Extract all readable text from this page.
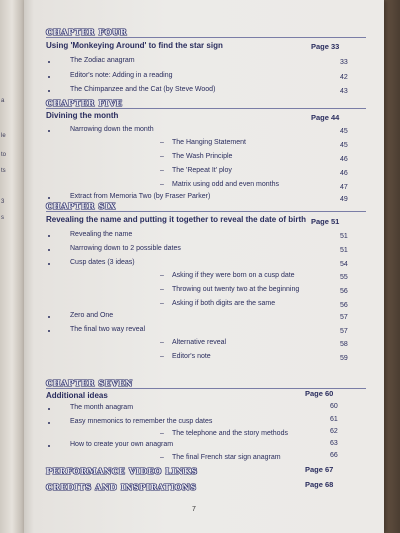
a
le
to
ts
3
s
CHAPTER FOUR
Using 'Monkeying Around' to find the star sign	Page 33
The Zodiac anagram	33
Editor's note: Adding in a reading	42
The Chimpanzee and the Cat (by Steve Wood)	43
CHAPTER FIVE
Divining the month	Page 44
Narrowing down the month	45
– The Hanging Statement	45
– The Wash Principle	46
– The 'Repeat It' ploy	46
– Matrix using odd and even months	47
Extract from Memoria Two (by Fraser Parker)	49
CHAPTER SIX
Revealing the name and putting it together to reveal the date of birth Page 51
Revealing the name	51
Narrowing down to 2 possible dates	51
Cusp dates (3 ideas)	54
– Asking if they were born on a cusp date	55
– Throwing out twenty two at the beginning	56
– Asking if both digits are the same	56
Zero and One	57
The final two way reveal	57
– Alternative reveal	58
– Editor's note	59
CHAPTER SEVEN
Additional ideas	Page 60
The month anagram	60
Easy mnemonics to remember the cusp dates	61
– The telephone and the story methods	62
How to create your own anagram	63
– The final French star sign anagram	66
PERFORMANCE VIDEO LINKS	Page 67
CREDITS AND INSPIRATIONS	Page 68
7
